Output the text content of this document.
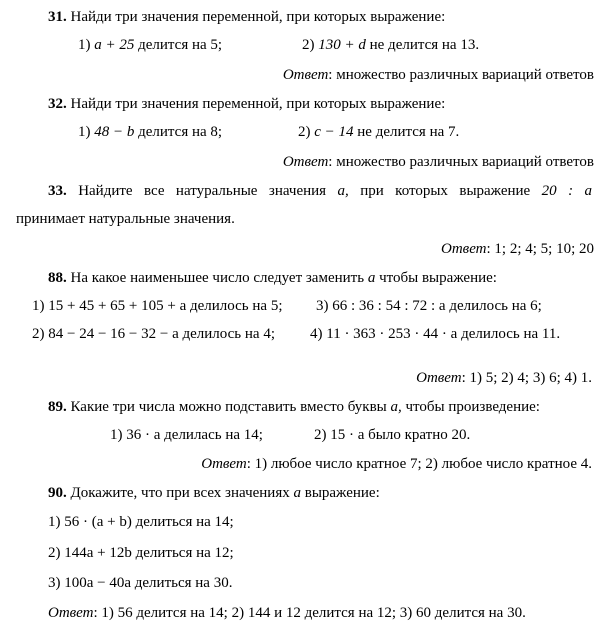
31. Найди три значения переменной, при которых выражение:
1) a + 25 делится на 5;	2) 130 + d не делится на 13.
Ответ: множество различных вариаций ответов
32. Найди три значения переменной, при которых выражение:
1) 48 − b делится на 8;	2) c − 14 не делится на 7.
Ответ: множество различных вариаций ответов
33. Найдите все натуральные значения a, при которых выражение 20 : a
принимает натуральные значения.
Ответ: 1; 2; 4; 5; 10; 20
88. На какое наименьшее число следует заменить a чтобы выражение:
1) 15 + 45 + 65 + 105 + a делилось на 5; 3) 66 : 36 : 54 : 72 : a делилось на 6;
2) 84 − 24 − 16 − 32 − a делилось на 4; 4) 11 · 363 · 253 · 44 · a делилось на 11.
Ответ: 1) 5; 2) 4; 3) 6; 4) 1.
89. Какие три числа можно подставить вместо буквы a, чтобы произведение:
1) 36 · a делилась на 14;	2) 15 · a было кратно 20.
Ответ: 1) любое число кратное 7; 2) любое число кратное 4.
90. Докажите, что при всех значениях a выражение:
1) 56 · (a + b) делиться на 14;
2) 144a + 12b делиться на 12;
3) 100a − 40a делиться на 30.
Ответ: 1) 56 делится на 14; 2) 144 и 12 делится на 12; 3) 60 делится на 30.
